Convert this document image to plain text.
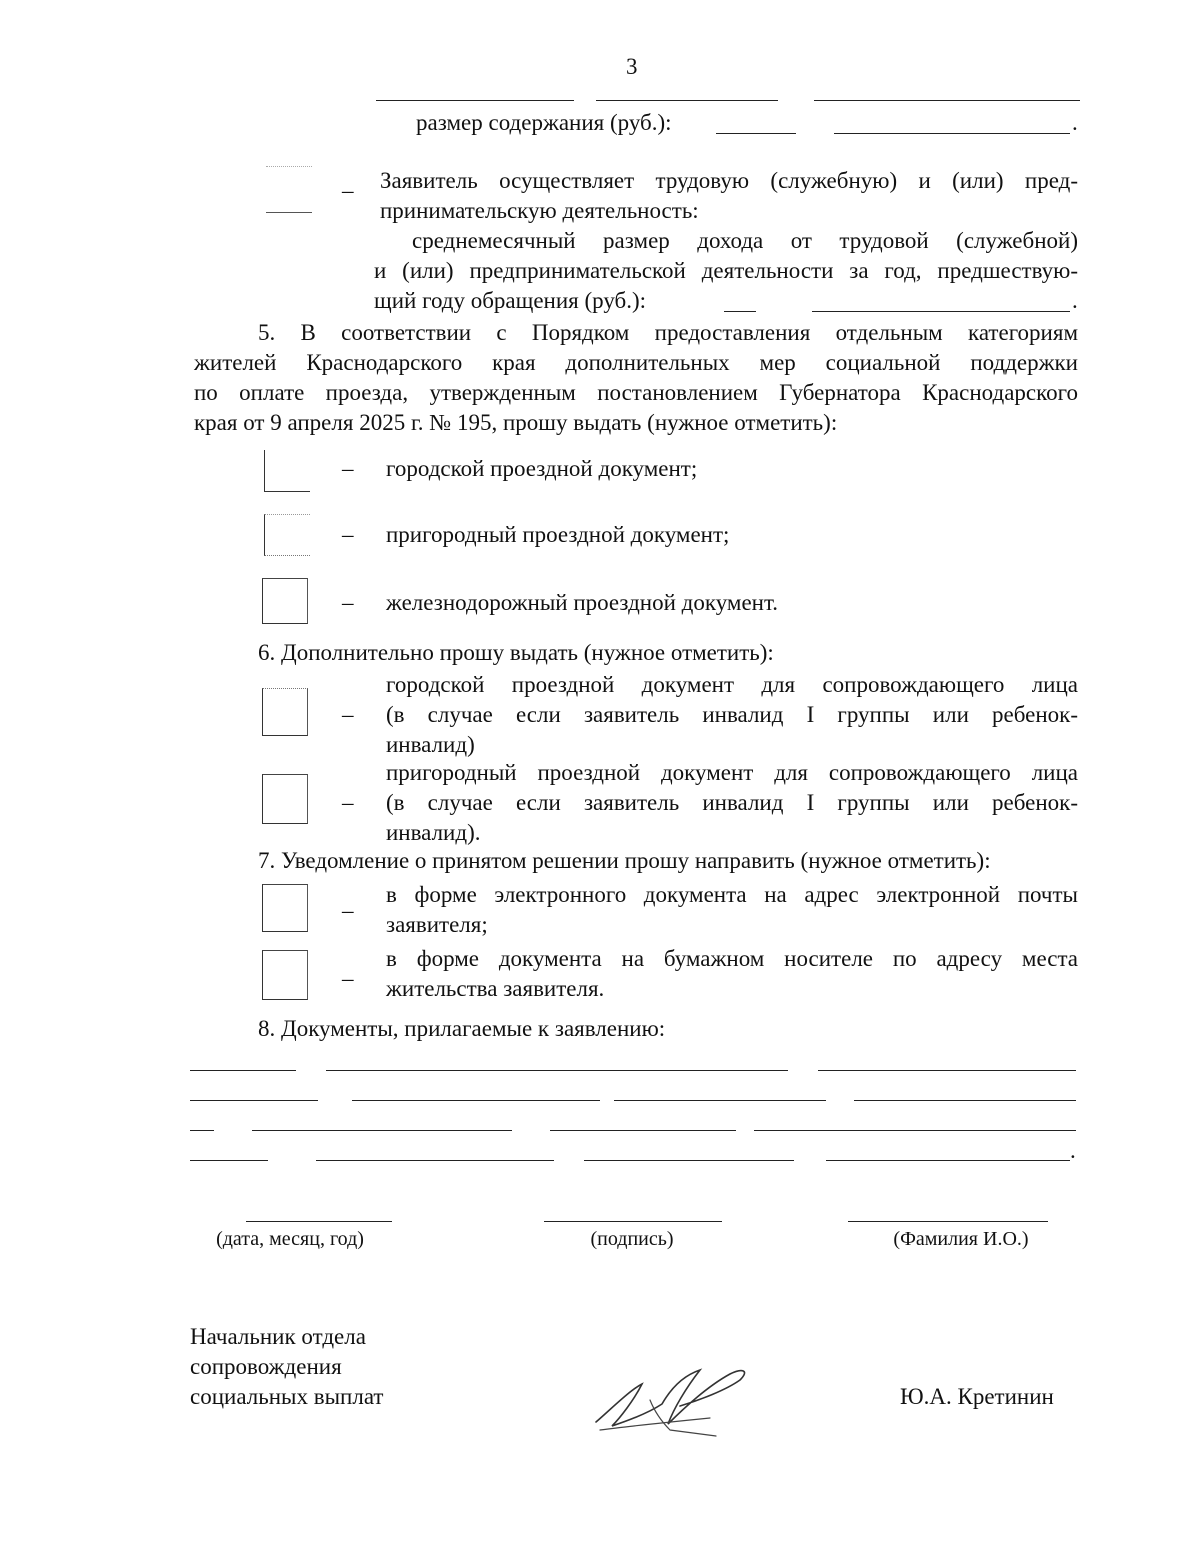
3
размер содержания (руб.):	.
_ Заявитель осуществляет трудовую (служебную) и (или) пред-
принимательскую деятельность:
среднемесячный размер дохода от трудовой (служебной)
и (или) предпринимательской деятельности за год, предшествую-
щий году обращения (руб.):	.
5. В соответствии с Порядком предоставления отдельным категориям
жителей Краснодарского края дополнительных мер социальной поддержки
по оплате проезда, утвержденным постановлением Губернатора Краснодарского
края от 9 апреля 2025 г. № 195, прошу выдать (нужное отметить):
– городской проездной документ;
– пригородный проездной документ;
– железнодорожный проездной документ.
6. Дополнительно прошу выдать (нужное отметить):
–
городской проездной документ для сопровождающего лица
(в случае если заявитель инвалид I группы или ребенок-
инвалид)
–
пригородный проездной документ для сопровождающего лица
(в случае если заявитель инвалид I группы или ребенок-
инвалид).
7. Уведомление о принятом решении прошу направить (нужное отметить):
_ в форме электронного документа на адрес электронной почты
заявителя;
_ в форме документа на бумажном носителе по адресу места
жительства заявителя.
8. Документы, прилагаемые к заявлению:
.
(дата, месяц, год)	(подпись)	(Фамилия И.О.)
Начальник отдела
сопровождения
социальных выплат	Ю.А. Кретинин
